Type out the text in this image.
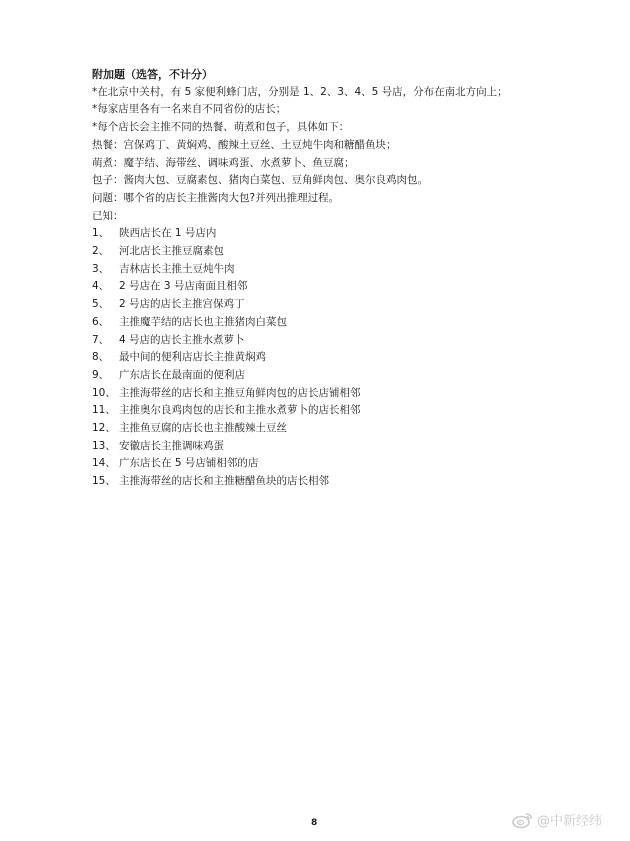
附加题（选答，不计分）
*在北京中关村，有 5 家便利蜂门店，分别是 1、2、3、4、5 号店，分布在南北方向上；
*每家店里各有一名来自不同省份的店长；
*每个店长会主推不同的热餐、萌煮和包子，具体如下：
热餐：宫保鸡丁、黄焖鸡、酸辣土豆丝、土豆炖牛肉和糖醋鱼块；
萌煮：魔芋结、海带丝、调味鸡蛋、水煮萝卜、鱼豆腐；
包子：酱肉大包、豆腐素包、猪肉白菜包、豆角鲜肉包、奥尔良鸡肉包。
问题：哪个省的店长主推酱肉大包?并列出推理过程。
已知：
1、 陕西店长在 1 号店内
2、 河北店长主推豆腐素包
3、 吉林店长主推土豆炖牛肉
4、 2 号店在 3 号店南面且相邻
5、 2 号店的店长主推宫保鸡丁
6、 主推魔芋结的店长也主推猪肉白菜包
7、 4 号店的店长主推水煮萝卜
8、 最中间的便利店店长主推黄焖鸡
9、 广东店长在最南面的便利店
10、 主推海带丝的店长和主推豆角鲜肉包的店长店铺相邻
11、 主推奥尔良鸡肉包的店长和主推水煮萝卜的店长相邻
12、 主推鱼豆腐的店长也主推酸辣土豆丝
13、 安徽店长主推调味鸡蛋
14、 广东店长在 5 号店铺相邻的店
15、 主推海带丝的店长和主推糖醋鱼块的店长相邻
8	@中新经纬
